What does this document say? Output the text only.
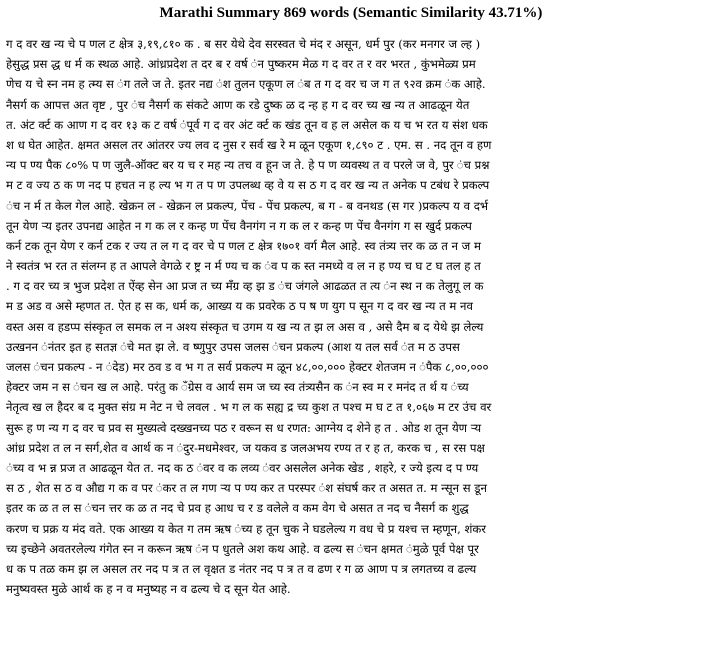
Marathi Summary 869 words (Semantic Similarity 43.71%)
ग द वर ख न्य चे प णल ट क्षेत्र ३,१९,८१० क . ब सर येथे देव सरस्वत चे मंद र असून, धर्म पुर (कर मनगर ज ल्ह )
हेसुद्ध प्रस द्ध ध र्म क स्थळ आहे. आंध्रप्रदेश त दर ब र वर्ष ंन पुष्करम मेळ ग द वर त र वर भरत , कुंभमेळ्य प्रम
णेच य चे स्न नम ह त्म्य स ंग तले ज ते. इतर नद्य ंश तुलन एकूण ल ंब त ग द वर च ज ग त ९२व क्रम ंक आहे.
नैसर्ग क आपत्त अत वृष्ट , पुर ंच नैसर्ग क संकटे आण क रडे दुष्क ळ द न्ह ह ग द वर च्य ख न्य त आढळून येत
त. अंट र्क्ट क आण ग द वर १३ क ट वर्ष ंपूर्व ग द वर अंट र्क्ट क खंड तून व ह ल असेल क य च भ रत य संश धक
श ध घेत आहेत. क्षमत असल तर आंतरर ज्य लव द नुस र सर्व ख रे म ळून एकूण १,८९० ट . एम. स . नद तून व हण
न्य प ण्य पैक ८०% प ण जुलै-ऑक्ट बर य च र मह न्य तच व हून ज ते. हे प ण व्यवस्थ त व परले ज वे, पुर ंच प्रश्न
म ट व ज्य ठ क ण नद प हचत न ह ल्य भ ग त प ण उपलब्ध व्ह वे य स ठ ग द वर ख न्य त अनेक प टबंध रे प्रकल्प
ंच न र्म त केल गेल आहे. खेक्रन ल - खेक्रन ल प्रकल्प, पेंच - पेंच प्रकल्प, ब ग - ब वनथड (स गर )प्रकल्प य व दर्भ
तून येण ऱ्य इतर उपनद्य आहेत न ग क ल र कन्ह ण पेंच वैनगंग न ग क ल र कन्ह ण पेंच वैनगंग ग स खुर्द प्रकल्प
कर्न टक तून येण र कर्न टक र ज्य त ल ग द वर चे प णल ट क्षेत्र १७०१ वर्ग मैल आहे. स्व तंत्र्य त्तर क ळ त न ज म
ने स्वतंत्र भ रत त संलग्न ह त आपले वेगळे र ष्ट्र न र्म ण्य च क ंव प क स्त नमध्ये व ल न ह ण्य च घ ट घ तल ह त
. ग द वर च्य त्र भुज प्रदेश त ऐंव्ह सेन आ प्रज त च्य मँग्र व्ह झ ड ंच जंगले आढळत त त्य ंन स्थ न क तेलुगू ल क
म ड अड व असे म्हणत त. ऐत ह स क, धर्म क, आख्य य क प्रवरेक ठ प ष ण युग प सून ग द वर ख न्य त म नव
वस्त अस व हडप्प संस्कृत ल समक ल न अश्य संस्कृत च उगम य ख न्य त झ ल अस व , असे दैम ब द येथे झ लेल्य
उत्खनन ंनंतर इत ह सतज्ञ ंचे मत झ ले. व ष्णुपुर उपस जलस ंचन प्रकल्प (आश य तल सर्व ंत म ठ उपस
जलस ंचन प्रकल्प - न ंदेड) मर ठव ड व भ ग त सर्व प्रकल्प म ळून ४८,००,००० हेक्टर शेतजम न ंपैक ८,००,०००
हेक्टर जम न स ंचन ख ल आहे. परंतु क ँग्रेस व आर्य सम ज च्य स्व तंत्र्यसैन क ंन स्व म र मनंद त र्थ य ंच्य
नेतृत्व ख ल हैदर ब द मुक्त संग्र म नेट न चे लवल . भ ग ल क सह्य द्र च्य कुश त पश्च म घ ट त १,०६७ म टर उंच वर
सुरू ह ण न्य ग द वर च प्रव स मुख्यत्वे दख्खनच्य पठ र वरून स ध रणत: आग्नेय द शेने ह त . ओड श तून येण ऱ्य
आंध्र प्रदेश त ल न सर्ग,शेत व आर्थ क न ंदुर-मधमेश्वर, ज यकव ड जलअभय रण्य त र ह त, करक च , स रस पक्ष
ंच्य व भ न्न प्रज त आढळून येत त. नद क ठ ंवर व क लव्य ंवर असलेल अनेक खेड , शहरे, र ज्ये इत्य द प ण्य
स ठ , शेत स ठ व औद्य ग क व पर ंकर त ल गण ऱ्य प ण्य कर त परस्पर ंश संघर्ष कर त असत त. म न्सून स डून
इतर क ळ त ल स ंचन त्तर क ळ त नद चे प्रव ह आध च र ड वलेले व कम वेग चे असत त नद च नैसर्ग क शुद्ध
करण च प्रक्र य मंद वते. एक आख्य य केत ग तम ऋष ंच्य ह तून चुक ने घडलेल्य ग वध चे प्र यश्च त्त म्हणून, शंकर
च्य इच्छेने अवतरलेल्य गंगेत स्न न करून ऋष ंन प धुतले अश कथ आहे. व ढल्य स ंचन क्षमत ंमुळे पूर्व पेक्ष पूर
ध क प तळ कम झ ल असल तर नद प त्र त ल वृक्षत ड नंतर नद प त्र त व ढण र ग ळ आण प त्र लगतच्य व ढल्य
मनुष्यवस्त मुळे आर्थ क ह न व मनुष्यह न व ढल्य चे द सून येत आहे.
